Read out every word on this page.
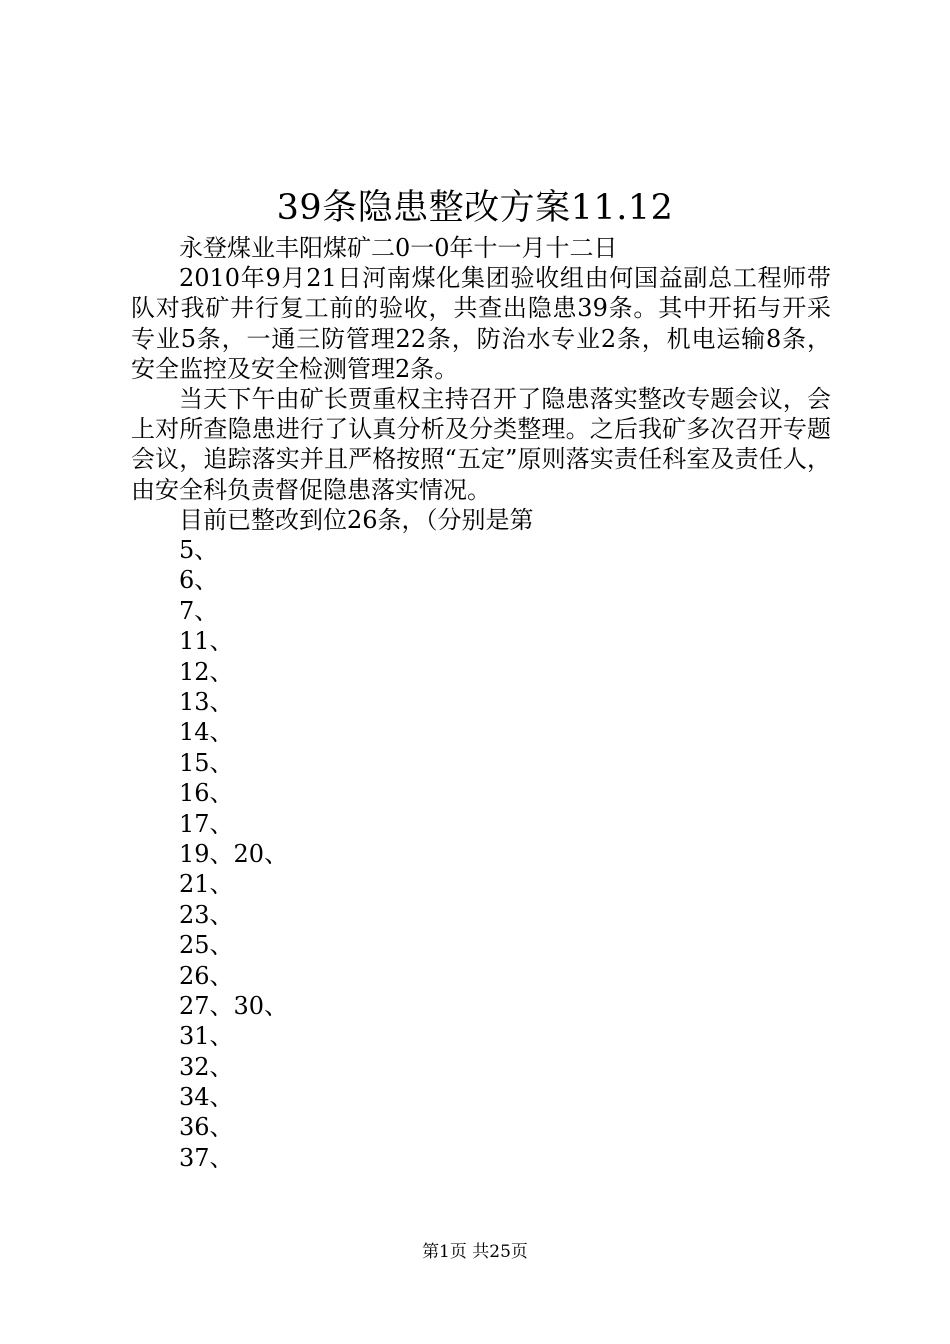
39条隐患整改方案11.12

永登煤业丰阳煤矿二0一0年十一月十二日

2010年9月21日河南煤化集团验收组由何国益副总工程师带队对我矿井行复工前的验收，共查出隐患39条。其中开拓与开采专业5条，一通三防管理22条，防治水专业2条，机电运输8条，安全监控及安全检测管理2条。

当天下午由矿长贾重权主持召开了隐患落实整改专题会议，会上对所查隐患进行了认真分析及分类整理。之后我矿多次召开专题会议，追踪落实并且严格按照“五定”原则落实责任科室及责任人，由安全科负责督促隐患落实情况。

目前已整改到位26条，（分别是第

5、
6、
7、
11、
12、
13、
14、
15、
16、
17、
19、20、
21、
23、
25、
26、
27、30、
31、
32、
34、
36、
37、
第1页 共25页
